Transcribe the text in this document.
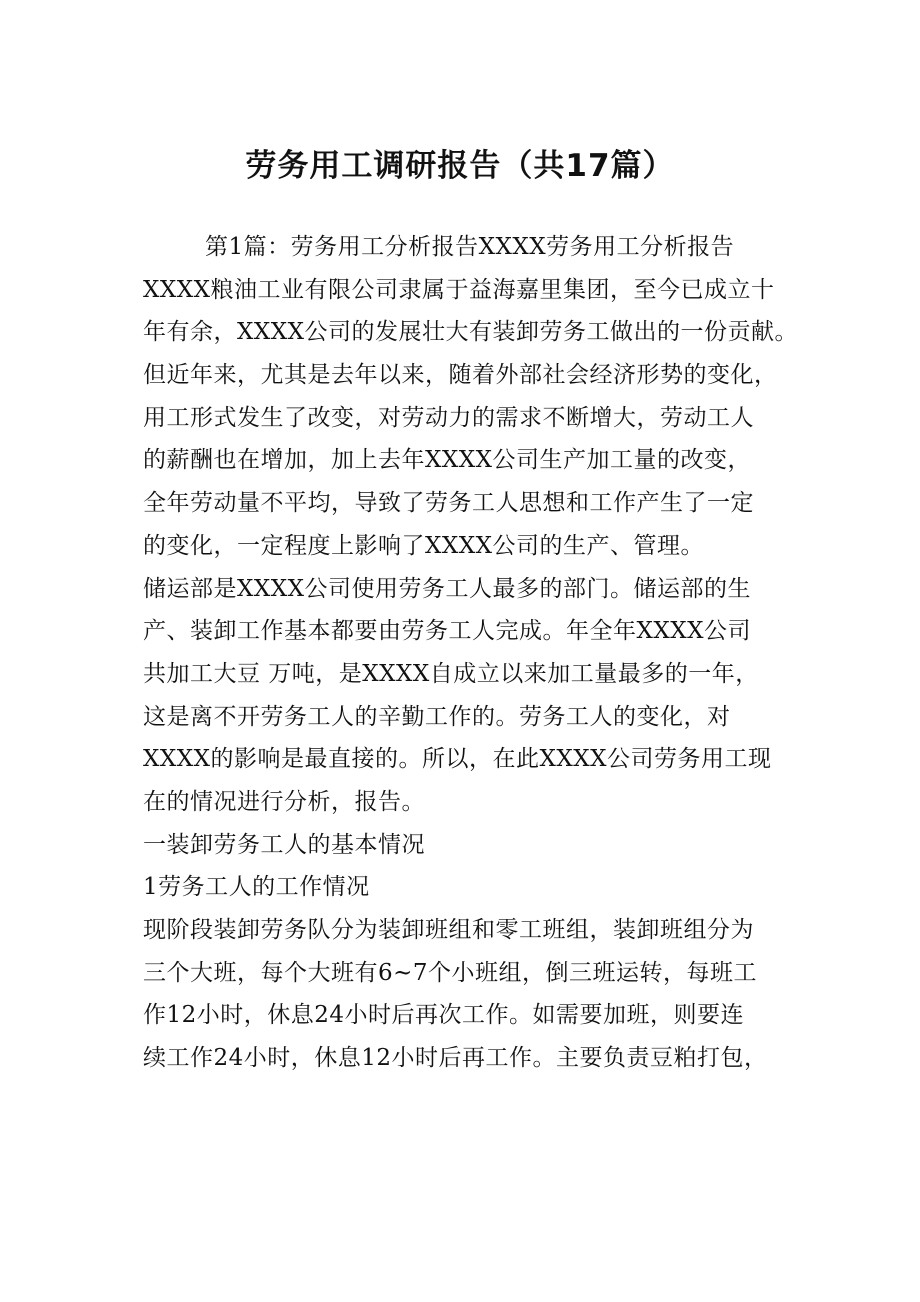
劳务用工调研报告（共17篇）
第1篇：劳务用工分析报告XXXX劳务用工分析报告
XXXX粮油工业有限公司隶属于益海嘉里集团，至今已成立十
年有余，XXXX公司的发展壮大有装卸劳务工做出的一份贡献。
但近年来，尤其是去年以来，随着外部社会经济形势的变化，
用工形式发生了改变，对劳动力的需求不断增大，劳动工人
的薪酬也在增加，加上去年XXXX公司生产加工量的改变，
全年劳动量不平均，导致了劳务工人思想和工作产生了一定
的变化，一定程度上影响了XXXX公司的生产、管理。
储运部是XXXX公司使用劳务工人最多的部门。储运部的生
产、装卸工作基本都要由劳务工人完成。年全年XXXX公司
共加工大豆 万吨，是XXXX自成立以来加工量最多的一年，
这是离不开劳务工人的辛勤工作的。劳务工人的变化，对
XXXX的影响是最直接的。所以，在此XXXX公司劳务用工现
在的情况进行分析，报告。
一装卸劳务工人的基本情况
1劳务工人的工作情况
现阶段装卸劳务队分为装卸班组和零工班组，装卸班组分为
三个大班，每个大班有6~7个小班组，倒三班运转，每班工
作12小时，休息24小时后再次工作。如需要加班，则要连
续工作24小时，休息12小时后再工作。主要负责豆粕打包，
